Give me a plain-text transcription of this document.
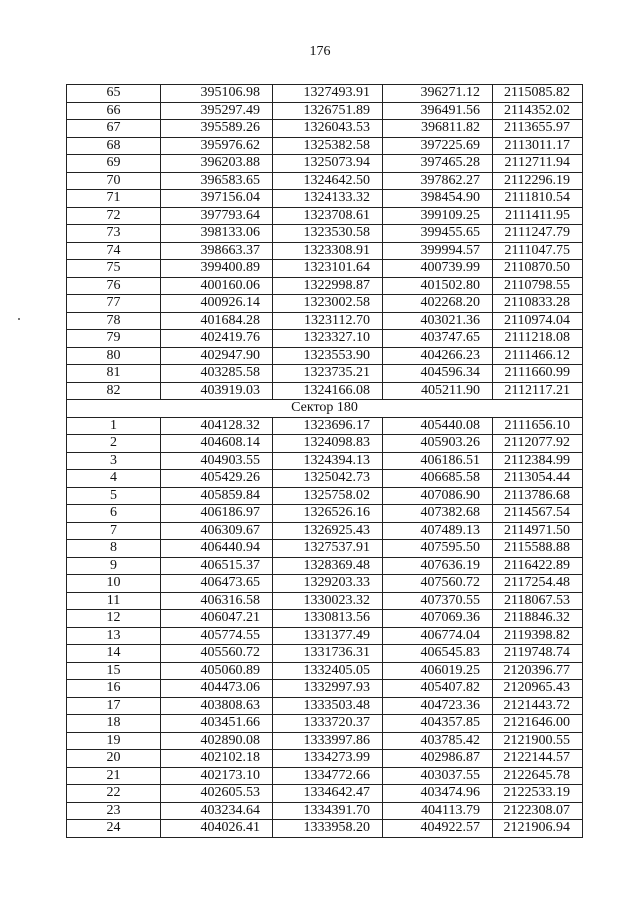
176
65	395106.98	1327493.91	396271.12	2115085.82
66	395297.49	1326751.89	396491.56	2114352.02
67	395589.26	1326043.53	396811.82	2113655.97
68	395976.62	1325382.58	397225.69	2113011.17
69	396203.88	1325073.94	397465.28	2112711.94
70	396583.65	1324642.50	397862.27	2112296.19
71	397156.04	1324133.32	398454.90	2111810.54
72	397793.64	1323708.61	399109.25	2111411.95
73	398133.06	1323530.58	399455.65	2111247.79
74	398663.37	1323308.91	399994.57	2111047.75
75	399400.89	1323101.64	400739.99	2110870.50
76	400160.06	1322998.87	401502.80	2110798.55
77	400926.14	1323002.58	402268.20	2110833.28
78	401684.28	1323112.70	403021.36	2110974.04
79	402419.76	1323327.10	403747.65	2111218.08
80	402947.90	1323553.90	404266.23	2111466.12
81	403285.58	1323735.21	404596.34	2111660.99
82	403919.03	1324166.08	405211.90	2112117.21
Сектор 180				
1	404128.32	1323696.17	405440.08	2111656.10
2	404608.14	1324098.83	405903.26	2112077.92
3	404903.55	1324394.13	406186.51	2112384.99
4	405429.26	1325042.73	406685.58	2113054.44
5	405859.84	1325758.02	407086.90	2113786.68
6	406186.97	1326526.16	407382.68	2114567.54
7	406309.67	1326925.43	407489.13	2114971.50
8	406440.94	1327537.91	407595.50	2115588.88
9	406515.37	1328369.48	407636.19	2116422.89
10	406473.65	1329203.33	407560.72	2117254.48
11	406316.58	1330023.32	407370.55	2118067.53
12	406047.21	1330813.56	407069.36	2118846.32
13	405774.55	1331377.49	406774.04	2119398.82
14	405560.72	1331736.31	406545.83	2119748.74
15	405060.89	1332405.05	406019.25	2120396.77
16	404473.06	1332997.93	405407.82	2120965.43
17	403808.63	1333503.48	404723.36	2121443.72
18	403451.66	1333720.37	404357.85	2121646.00
19	402890.08	1333997.86	403785.42	2121900.55
20	402102.18	1334273.99	402986.87	2122144.57
21	402173.10	1334772.66	403037.55	2122645.78
22	402605.53	1334642.47	403474.96	2122533.19
23	403234.64	1334391.70	404113.79	2122308.07
24	404026.41	1333958.20	404922.57	2121906.94
